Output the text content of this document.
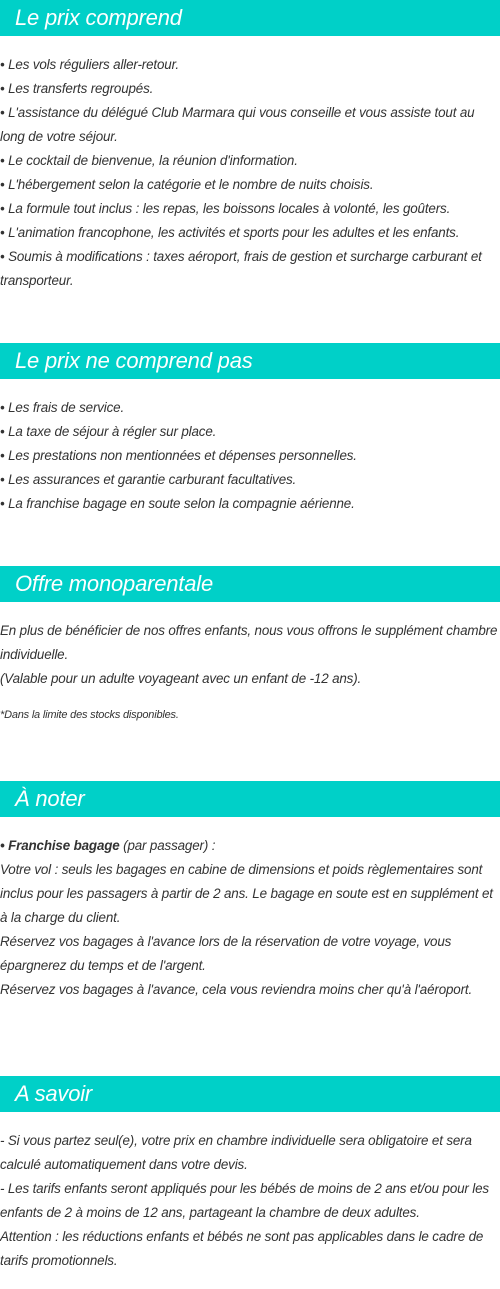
Le prix comprend
• Les vols réguliers aller-retour.
• Les transferts regroupés.
• L'assistance du délégué Club Marmara qui vous conseille et vous assiste tout au long de votre séjour.
• Le cocktail de bienvenue, la réunion d'information.
• L'hébergement selon la catégorie et le nombre de nuits choisis.
• La formule tout inclus : les repas, les boissons locales à volonté, les goûters.
• L'animation francophone, les activités et sports pour les adultes et les enfants.
• Soumis à modifications : taxes aéroport, frais de gestion et surcharge carburant et transporteur.
Le prix ne comprend pas
• Les frais de service.
• La taxe de séjour à régler sur place.
• Les prestations non mentionnées et dépenses personnelles.
• Les assurances et garantie carburant facultatives.
• La franchise bagage en soute selon la compagnie aérienne.
Offre monoparentale
En plus de bénéficier de nos offres enfants, nous vous offrons le supplément chambre individuelle.
(Valable pour un adulte voyageant avec un enfant de -12 ans).
*Dans la limite des stocks disponibles.
À noter
• Franchise bagage (par passager) :
Votre vol : seuls les bagages en cabine de dimensions et poids règlementaires sont inclus pour les passagers à partir de 2 ans. Le bagage en soute est en supplément et à la charge du client.
Réservez vos bagages à l'avance lors de la réservation de votre voyage, vous épargnerez du temps et de l'argent.
Réservez vos bagages à l'avance, cela vous reviendra moins cher qu'à l'aéroport.
A savoir
- Si vous partez seul(e), votre prix en chambre individuelle sera obligatoire et sera calculé automatiquement dans votre devis.
- Les tarifs enfants seront appliqués pour les bébés de moins de 2 ans et/ou pour les enfants de 2 à moins de 12 ans, partageant la chambre de deux adultes.
Attention : les réductions enfants et bébés ne sont pas applicables dans le cadre de tarifs promotionnels.
